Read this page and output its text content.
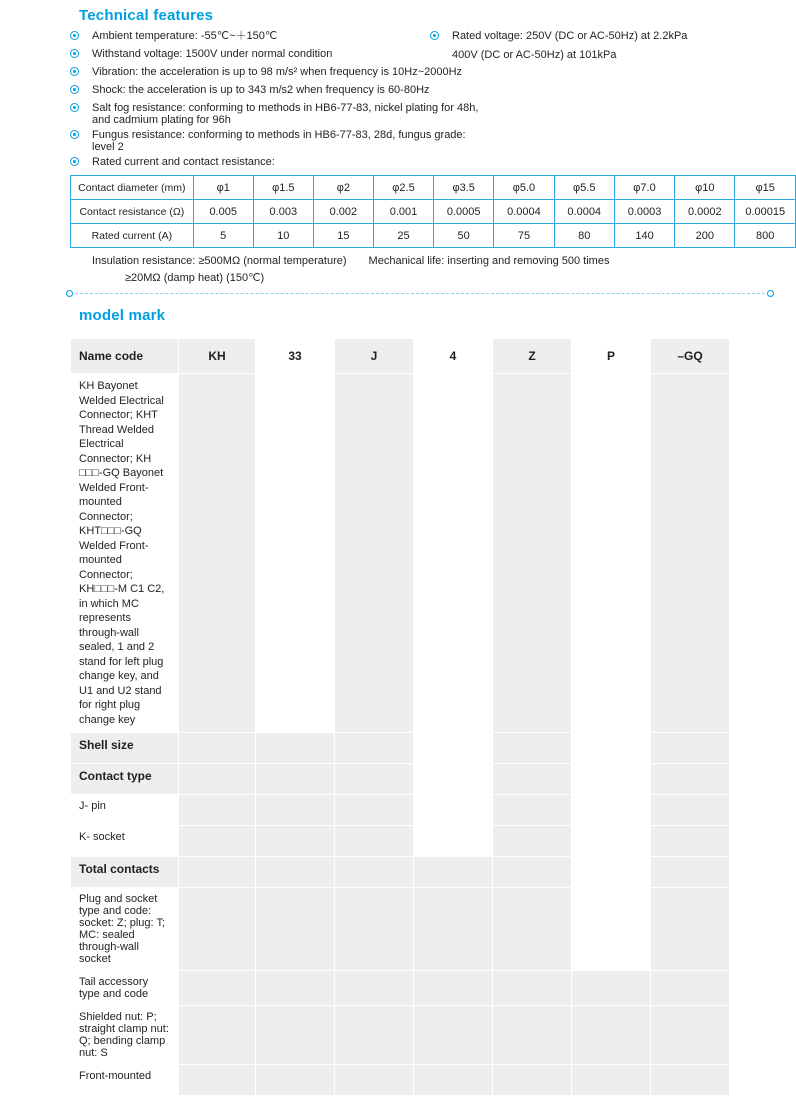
Technical features
Ambient temperature: -55℃~＋150℃
Withstand voltage: 1500V under normal condition
Vibration: the acceleration is up to 98 m/s² when frequency is 10Hz~2000Hz
Shock: the acceleration is up to 343 m/s2 when frequency is 60-80Hz
Salt fog resistance: conforming to methods in HB6-77-83, nickel plating for 48h, and cadmium plating for 96h
Fungus resistance: conforming to methods in HB6-77-83, 28d, fungus grade: level 2
Rated current and contact resistance:
Rated voltage: 250V (DC or AC-50Hz) at 2.2kPa
400V (DC or AC-50Hz) at 101kPa
Contact diameter (mm)	φ1	φ1.5	φ2	φ2.5	φ3.5	φ5.0	φ5.5	φ7.0	φ10	φ15
Contact resistance (Ω)	0.005	0.003	0.002	0.001	0.0005	0.0004	0.0004	0.0003	0.0002	0.00015
Rated current (A)	5	10	15	25	50	75	80	140	200	800
Insulation resistance: ≥500MΩ (normal temperature) Mechanical life: inserting and removing 500 times
≥20MΩ (damp heat) (150℃)
model mark
Name code	KH	33	J	4	Z	P	–GQ
KH Bayonet Welded Electrical Connector; KHT Thread Welded Electrical Connector; KH □□□-GQ Bayonet Welded Front-mounted Connector; KHT□□□-GQ Welded Front-mounted Connector; KH□□□-M C1 C2, in which MC represents through-wall sealed, 1 and 2 stand for left plug change key, and U1 and U2 stand for right plug change key							
Shell size							
Contact type							
J- pin							
K- socket							
Total contacts							
Plug and socket type and code: socket: Z; plug: T; MC: sealed through-wall socket							
Tail accessory type and code							
Shielded nut: P; straight clamp nut: Q; bending clamp nut: S							
Front-mounted							
